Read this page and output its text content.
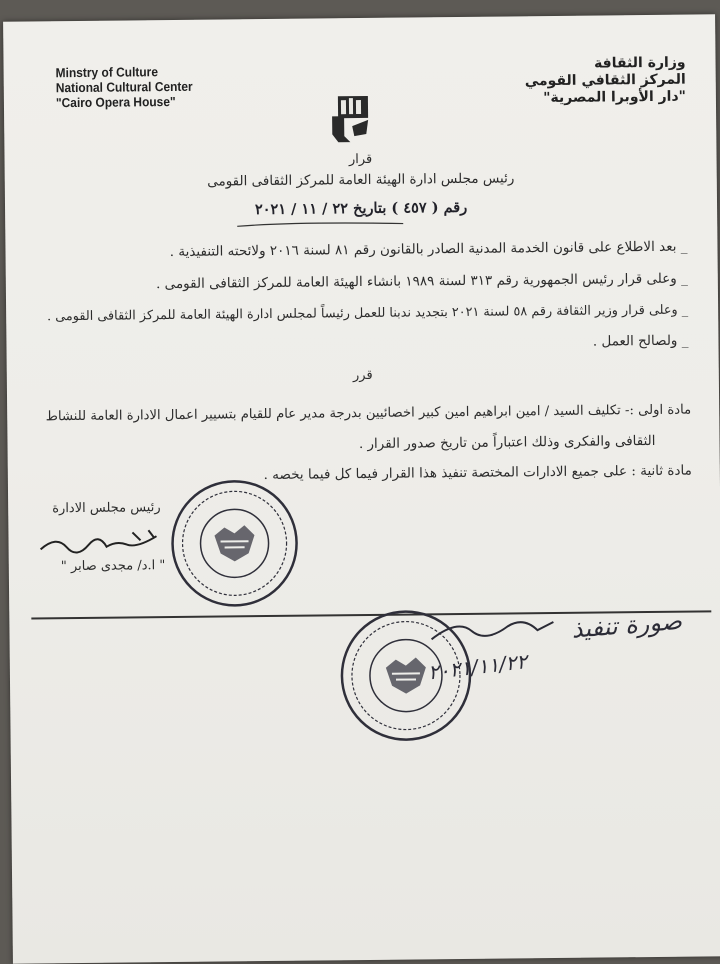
Minstry of Culture
National Cultural Center
"Cairo Opera House"
وزارة الثقافة
المركز الثقافي القومي
"دار الأوبرا المصرية"
قرار
رئيس مجلس ادارة الهيئة العامة للمركز الثقافى القومى
رقم ( ٤٥٧ ) بتاريخ ٢٢ / ١١ / ٢٠٢١
_ بعد الاطلاع على قانون الخدمة المدنية الصادر بالقانون رقم ٨١ لسنة ٢٠١٦ ولائحته التنفيذية .
_ وعلى قرار رئيس الجمهورية رقم ٣١٣ لسنة ١٩٨٩ بانشاء الهيئة العامة للمركز الثقافى القومى .
_ وعلى قرار وزير الثقافة رقم ٥٨ لسنة ٢٠٢١ بتجديد ندبنا للعمل رئيساً لمجلس ادارة الهيئة العامة للمركز الثقافى القومى .
_ ولصالح العمل .
قرر
مادة اولى :- تكليف السيد / امين ابراهيم امين كبير اخصائيين بدرجة مدير عام للقيام بتسيير اعمال الادارة العامة للنشاط
الثقافى والفكرى وذلك اعتباراً من تاريخ صدور القرار .
مادة ثانية : على جميع الادارات المختصة تنفيذ هذا القرار فيما كل فيما يخصه .
رئيس مجلس الادارة
" ا.د/ مجدى صابر "
صورة تنفيذ
٢٠٢١/١١/٢٢
